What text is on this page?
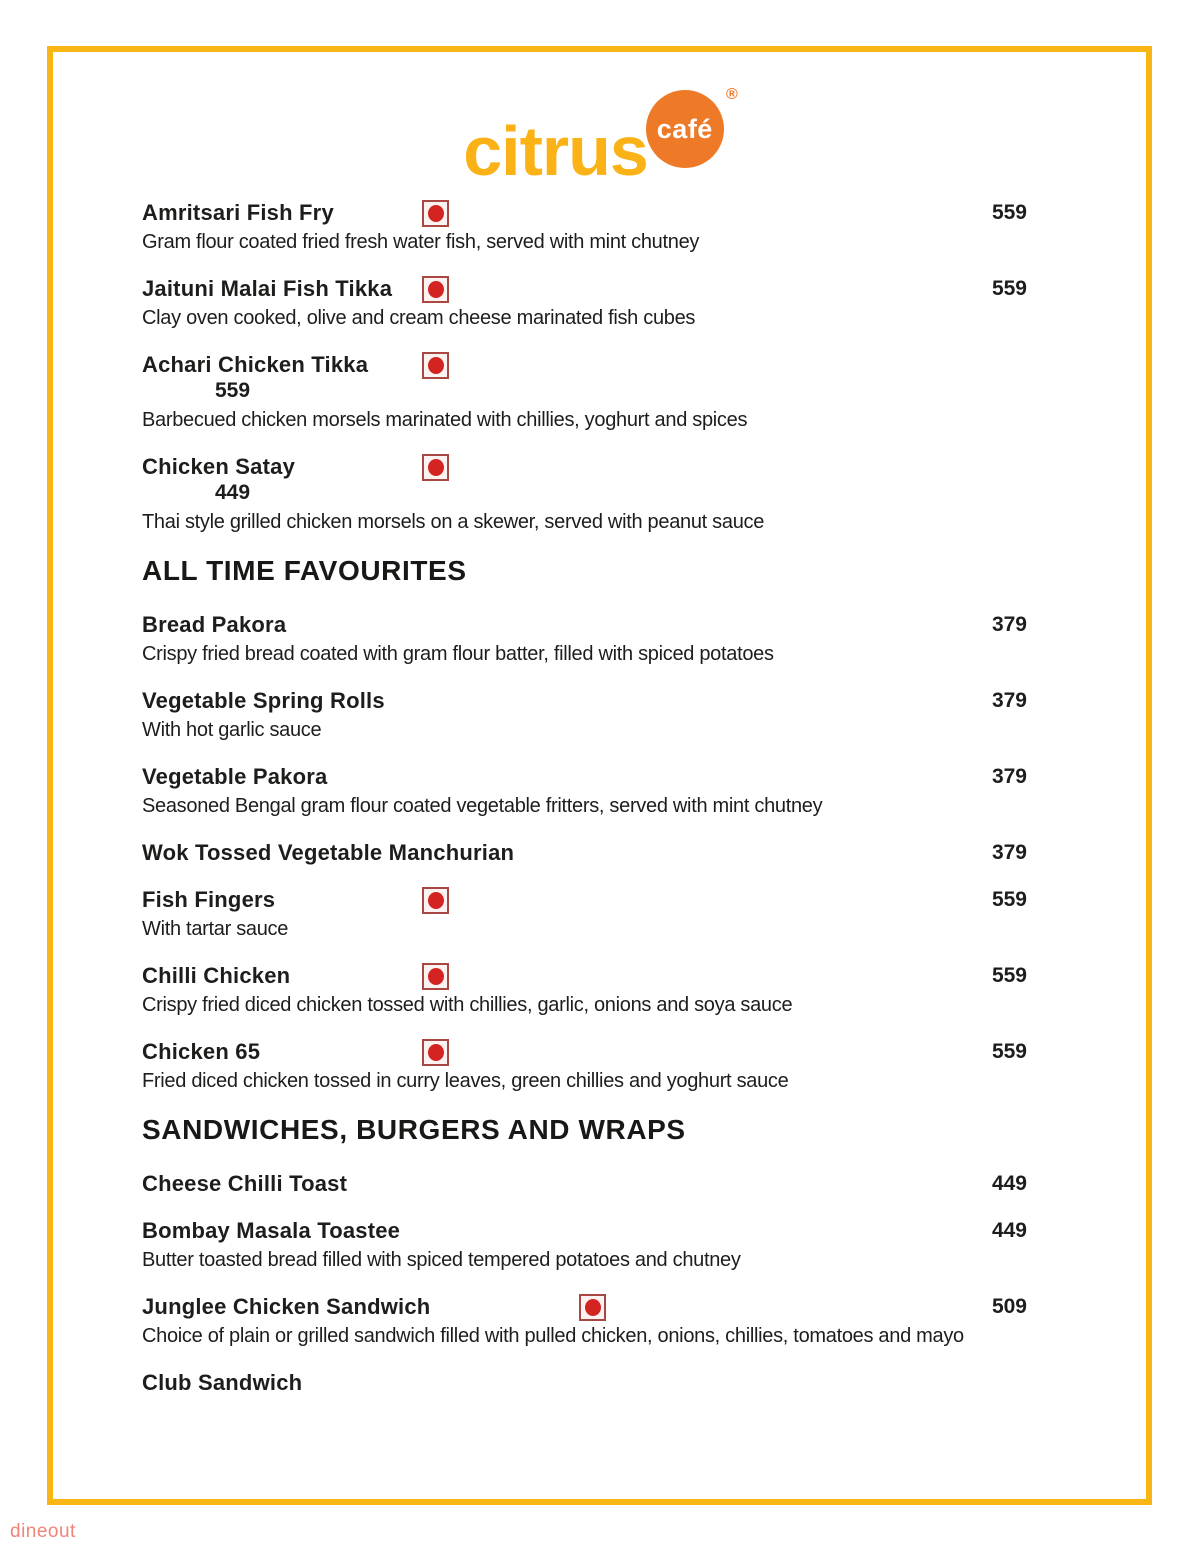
citrus café
®
Amritsari Fish Fry	559
Gram flour coated fried fresh water fish, served with mint chutney
Jaituni Malai Fish Tikka	559
Clay oven cooked, olive and cream cheese marinated fish cubes
Achari Chicken Tikka
559
Barbecued chicken morsels marinated with chillies, yoghurt and spices
Chicken Satay
449
Thai style grilled chicken morsels on a skewer, served with peanut sauce
ALL TIME FAVOURITES
Bread Pakora	379
Crispy fried bread coated with gram flour batter, filled with spiced potatoes
Vegetable Spring Rolls	379
With hot garlic sauce
Vegetable Pakora	379
Seasoned Bengal gram flour coated vegetable fritters, served with mint chutney
Wok Tossed Vegetable Manchurian	379
Fish Fingers	559
With tartar sauce
Chilli Chicken	559
Crispy fried diced chicken tossed with chillies, garlic, onions and soya sauce
Chicken 65	559
Fried diced chicken tossed in curry leaves, green chillies and yoghurt sauce
SANDWICHES, BURGERS AND WRAPS
Cheese Chilli Toast	449
Bombay Masala Toastee	449
Butter toasted bread filled with spiced tempered potatoes and chutney
Junglee Chicken Sandwich	509
Choice of plain or grilled sandwich filled with pulled chicken, onions, chillies, tomatoes and mayo
Club Sandwich
dineout
